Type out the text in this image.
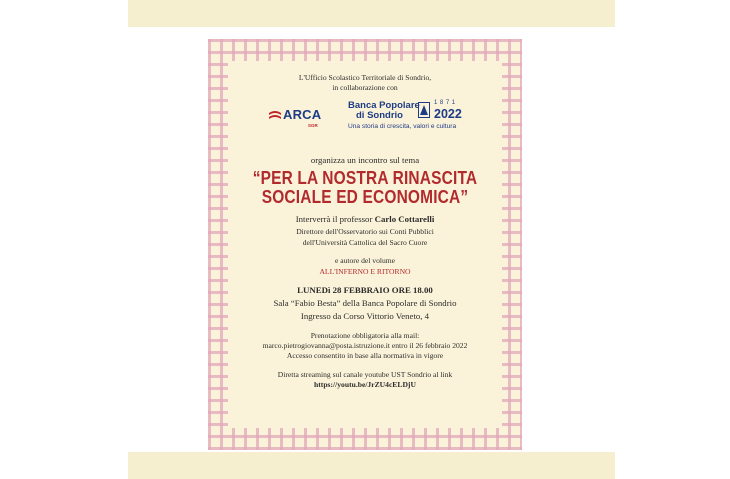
L'Ufficio Scolastico Territoriale di Sondrio,
in collaborazione con
ARCA
SGR
Banca Popolare
di Sondrio
1871
2022
Una storia di crescita, valori e cultura
organizza un incontro sul tema
“PER LA NOSTRA RINASCITA
SOCIALE ED ECONOMICA”
Interverrà il professor Carlo Cottarelli
Direttore dell'Osservatorio sui Conti Pubblici
dell'Università Cattolica del Sacro Cuore
e autore del volume
ALL'INFERNO E RITORNO
LUNEDì 28 FEBBRAIO ORE 18.00
Sala “Fabio Besta” della Banca Popolare di Sondrio
Ingresso da Corso Vittorio Veneto, 4
Prenotazione obbligatoria alla mail:
marco.pietrogiovanna@posta.istruzione.it entro il 26 febbraio 2022
Accesso consentito in base alla normativa in vigore
Diretta streaming sul canale youtube UST Sondrio al link
https://youtu.be/JrZU4cELDjU
